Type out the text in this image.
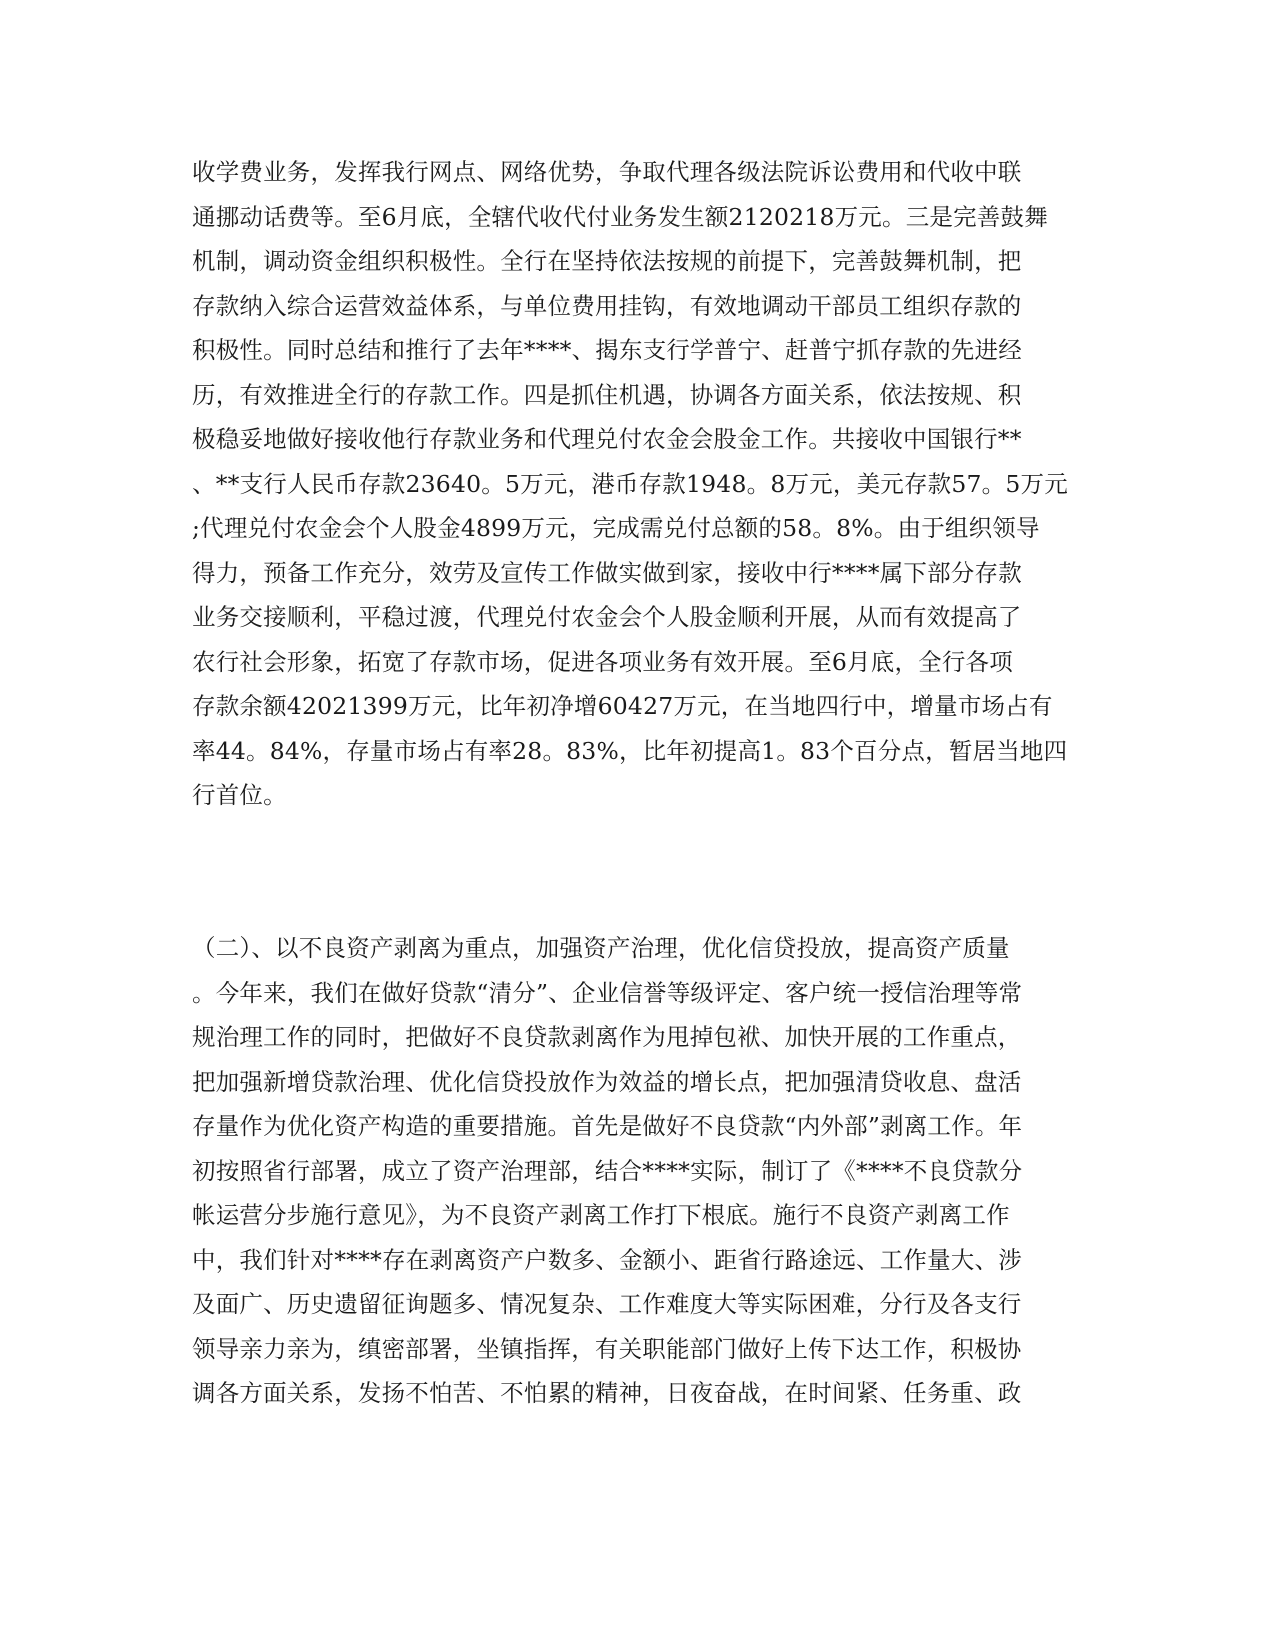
收学费业务，发挥我行网点、网络优势，争取代理各级法院诉讼费用和代收中联
通挪动话费等。至6月底，全辖代收代付业务发生额2120218万元。三是完善鼓舞
机制，调动资金组织积极性。全行在坚持依法按规的前提下，完善鼓舞机制，把
存款纳入综合运营效益体系，与单位费用挂钩，有效地调动干部员工组织存款的
积极性。同时总结和推行了去年****、揭东支行学普宁、赶普宁抓存款的先进经
历，有效推进全行的存款工作。四是抓住机遇，协调各方面关系，依法按规、积
极稳妥地做好接收他行存款业务和代理兑付农金会股金工作。共接收中国银行**
、**支行人民币存款23640。5万元，港币存款1948。8万元，美元存款57。5万元
;代理兑付农金会个人股金4899万元，完成需兑付总额的58。8%。由于组织领导
得力，预备工作充分，效劳及宣传工作做实做到家，接收中行****属下部分存款
业务交接顺利，平稳过渡，代理兑付农金会个人股金顺利开展，从而有效提高了
农行社会形象，拓宽了存款市场，促进各项业务有效开展。至6月底，全行各项
存款余额42021399万元，比年初净增60427万元，在当地四行中，增量市场占有
率44。84%，存量市场占有率28。83%，比年初提高1。83个百分点，暂居当地四
行首位。
（二）、以不良资产剥离为重点，加强资产治理，优化信贷投放，提高资产质量
。今年来，我们在做好贷款“清分”、企业信誉等级评定、客户统一授信治理等常
规治理工作的同时，把做好不良贷款剥离作为甩掉包袱、加快开展的工作重点，
把加强新增贷款治理、优化信贷投放作为效益的增长点，把加强清贷收息、盘活
存量作为优化资产构造的重要措施。首先是做好不良贷款“内外部”剥离工作。年
初按照省行部署，成立了资产治理部，结合****实际，制订了《****不良贷款分
帐运营分步施行意见》，为不良资产剥离工作打下根底。施行不良资产剥离工作
中，我们针对****存在剥离资产户数多、金额小、距省行路途远、工作量大、涉
及面广、历史遗留征询题多、情况复杂、工作难度大等实际困难，分行及各支行
领导亲力亲为，缜密部署，坐镇指挥，有关职能部门做好上传下达工作，积极协
调各方面关系，发扬不怕苦、不怕累的精神，日夜奋战，在时间紧、任务重、政
